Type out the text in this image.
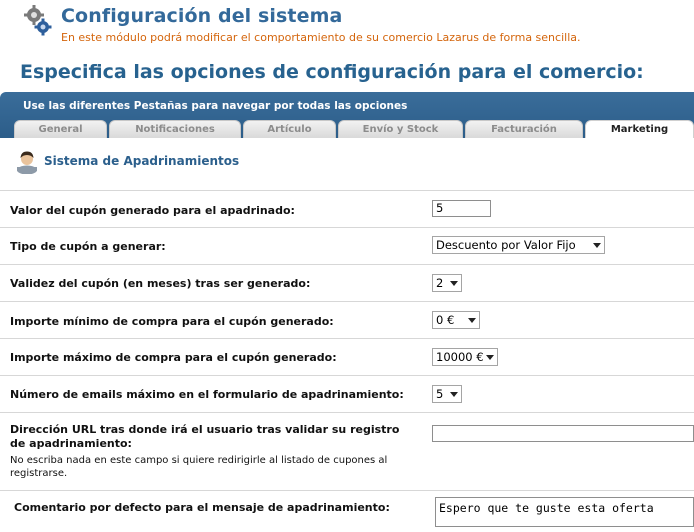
Configuración del sistema
En este módulo podrá modificar el comportamiento de su comercio Lazarus de forma sencilla.
Especifica las opciones de configuración para el comercio:
Use las diferentes Pestañas para navegar por todas las opciones
General	Notificaciones	Artículo	Envío y Stock	Facturación	Marketing
Sistema de Apadrinamientos
Valor del cupón generado para el apadrinado:	5
Tipo de cupón a generar:	Descuento por Valor Fijo
Validez del cupón (en meses) tras ser generado:	2
Importe mínimo de compra para el cupón generado:	0 €
Importe máximo de compra para el cupón generado:	10000 €
Número de emails máximo en el formulario de apadrinamiento:	5
Dirección URL tras donde irá el usuario tras validar su registro
de apadrinamiento:
No escriba nada en este campo si quiere redirigirle al listado de cupones al registrarse.
Comentario por defecto para el mensaje de apadrinamiento:	Espero que te guste esta oferta
